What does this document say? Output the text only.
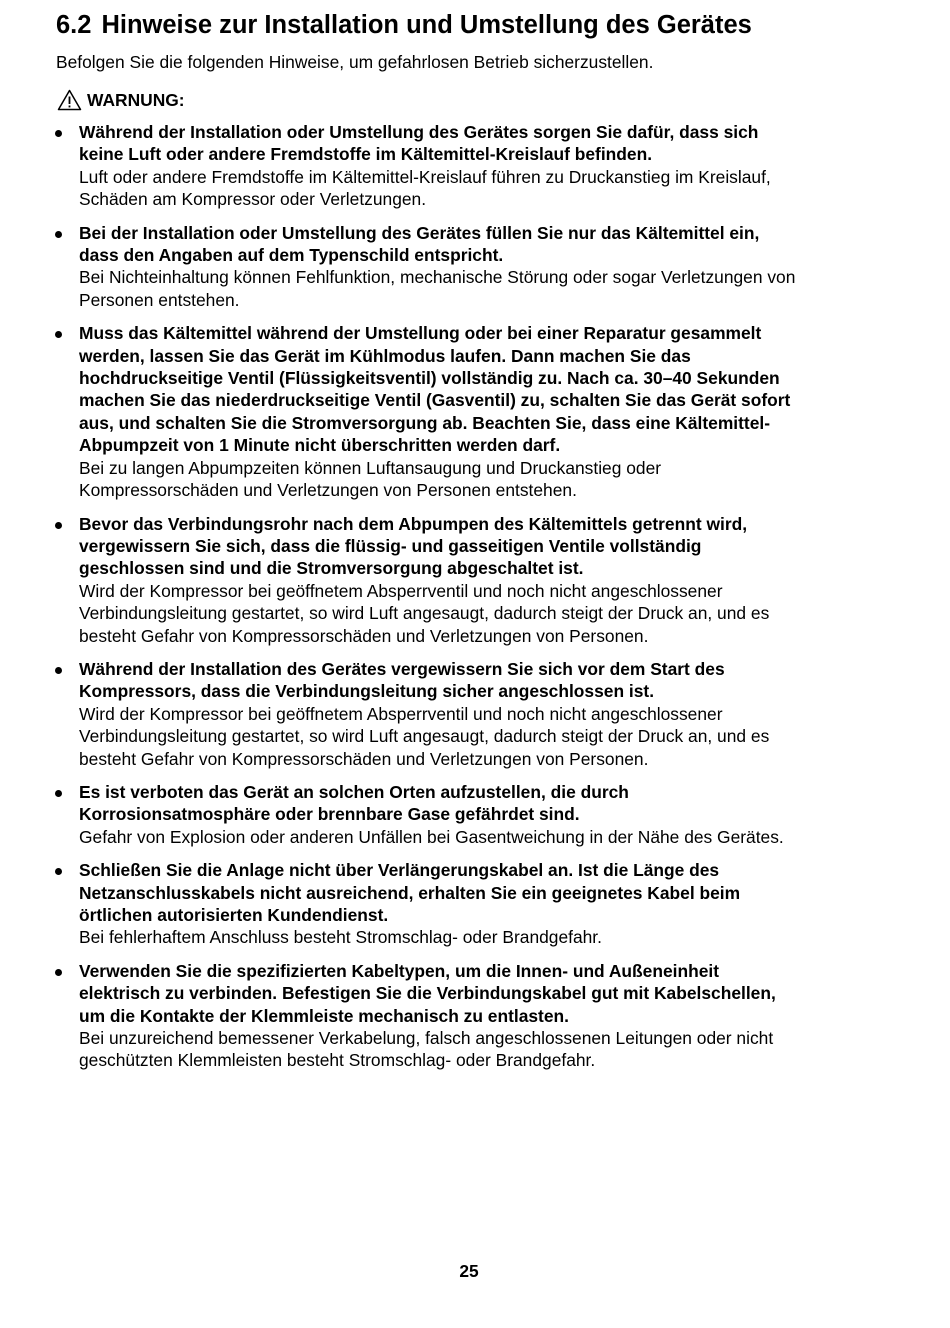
6.2 Hinweise zur Installation und Umstellung des Gerätes

Befolgen Sie die folgenden Hinweise, um gefahrlosen Betrieb sicherzustellen.

WARNUNG:
Während der Installation oder Umstellung des Gerätes sorgen Sie dafür, dass sich
keine Luft oder andere Fremdstoffe im Kältemittel-Kreislauf befinden.
Luft oder andere Fremdstoffe im Kältemittel-Kreislauf führen zu Druckanstieg im Kreislauf,
Schäden am Kompressor oder Verletzungen.
Bei der Installation oder Umstellung des Gerätes füllen Sie nur das Kältemittel ein,
dass den Angaben auf dem Typenschild entspricht.
Bei Nichteinhaltung können Fehlfunktion, mechanische Störung oder sogar Verletzungen von
Personen entstehen.
Muss das Kältemittel während der Umstellung oder bei einer Reparatur gesammelt
werden, lassen Sie das Gerät im Kühlmodus laufen. Dann machen Sie das
hochdruckseitige Ventil (Flüssigkeitsventil) vollständig zu. Nach ca. 30–40 Sekunden
machen Sie das niederdruckseitige Ventil (Gasventil) zu, schalten Sie das Gerät sofort
aus, und schalten Sie die Stromversorgung ab. Beachten Sie, dass eine Kältemittel-
Abpumpzeit von 1 Minute nicht überschritten werden darf.
Bei zu langen Abpumpzeiten können Luftansaugung und Druckanstieg oder
Kompressorschäden und Verletzungen von Personen entstehen.
Bevor das Verbindungsrohr nach dem Abpumpen des Kältemittels getrennt wird,
vergewissern Sie sich, dass die flüssig- und gasseitigen Ventile vollständig
geschlossen sind und die Stromversorgung abgeschaltet ist.
Wird der Kompressor bei geöffnetem Absperrventil und noch nicht angeschlossener
Verbindungsleitung gestartet, so wird Luft angesaugt, dadurch steigt der Druck an, und es
besteht Gefahr von Kompressorschäden und Verletzungen von Personen.
Während der Installation des Gerätes vergewissern Sie sich vor dem Start des
Kompressors, dass die Verbindungsleitung sicher angeschlossen ist.
Wird der Kompressor bei geöffnetem Absperrventil und noch nicht angeschlossener
Verbindungsleitung gestartet, so wird Luft angesaugt, dadurch steigt der Druck an, und es
besteht Gefahr von Kompressorschäden und Verletzungen von Personen.
Es ist verboten das Gerät an solchen Orten aufzustellen, die durch
Korrosionsatmosphäre oder brennbare Gase gefährdet sind.
Gefahr von Explosion oder anderen Unfällen bei Gasentweichung in der Nähe des Gerätes.
Schließen Sie die Anlage nicht über Verlängerungskabel an. Ist die Länge des
Netzanschlusskabels nicht ausreichend, erhalten Sie ein geeignetes Kabel beim
örtlichen autorisierten Kundendienst.
Bei fehlerhaftem Anschluss besteht Stromschlag- oder Brandgefahr.
Verwenden Sie die spezifizierten Kabeltypen, um die Innen- und Außeneinheit
elektrisch zu verbinden. Befestigen Sie die Verbindungskabel gut mit Kabelschellen,
um die Kontakte der Klemmleiste mechanisch zu entlasten.
Bei unzureichend bemessener Verkabelung, falsch angeschlossenen Leitungen oder nicht
geschützten Klemmleisten besteht Stromschlag- oder Brandgefahr.
25
